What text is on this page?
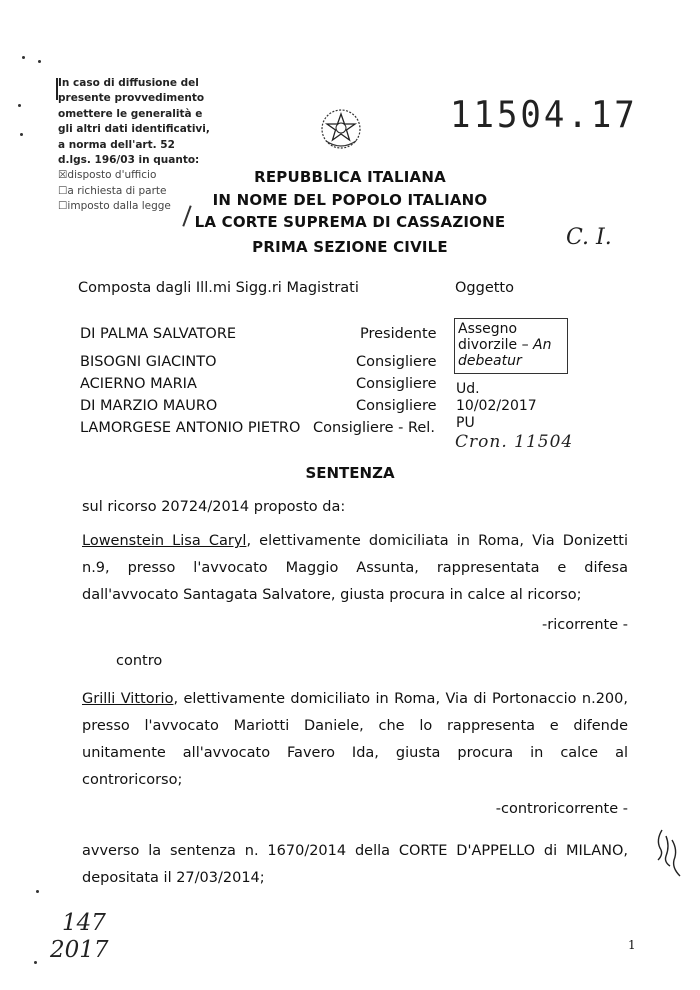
In caso di diffusione del
presente provvedimento
omettere le generalità e
gli altri dati identificativi,
a norma dell'art. 52
d.lgs. 196/03 in quanto:
☒disposto d'ufficio
☐a richiesta di parte
☐imposto dalla legge
11504.17
C. I.
REPUBBLICA ITALIANA
IN NOME DEL POPOLO ITALIANO
LA CORTE SUPREMA DI CASSAZIONE
PRIMA SEZIONE CIVILE
Composta dagli Ill.mi Sigg.ri Magistrati	Oggetto
DI PALMA SALVATORE	Presidente
BISOGNI GIACINTO	Consigliere
ACIERNO MARIA	Consigliere
DI MARZIO MAURO	Consigliere
LAMORGESE ANTONIO PIETRO Consigliere - Rel.
Assegno
divorzile – An
debeatur
Ud.
10/02/2017
PU
Cron. 11504
SENTENZA
sul ricorso 20724/2014 proposto da:
Lowenstein Lisa Caryl, elettivamente domiciliata in Roma, Via Donizetti n.9, presso l'avvocato Maggio Assunta, rappresentata e difesa dall'avvocato Santagata Salvatore, giusta procura in calce al ricorso;
-ricorrente -
contro
Grilli Vittorio, elettivamente domiciliato in Roma, Via di Portonaccio n.200, presso l'avvocato Mariotti Daniele, che lo rappresenta e difende unitamente all'avvocato Favero Ida, giusta procura in calce al controricorso;
-controricorrente -
avverso la sentenza n. 1670/2014 della CORTE D'APPELLO di MILANO, depositata il 27/03/2014;
1
147
2017
